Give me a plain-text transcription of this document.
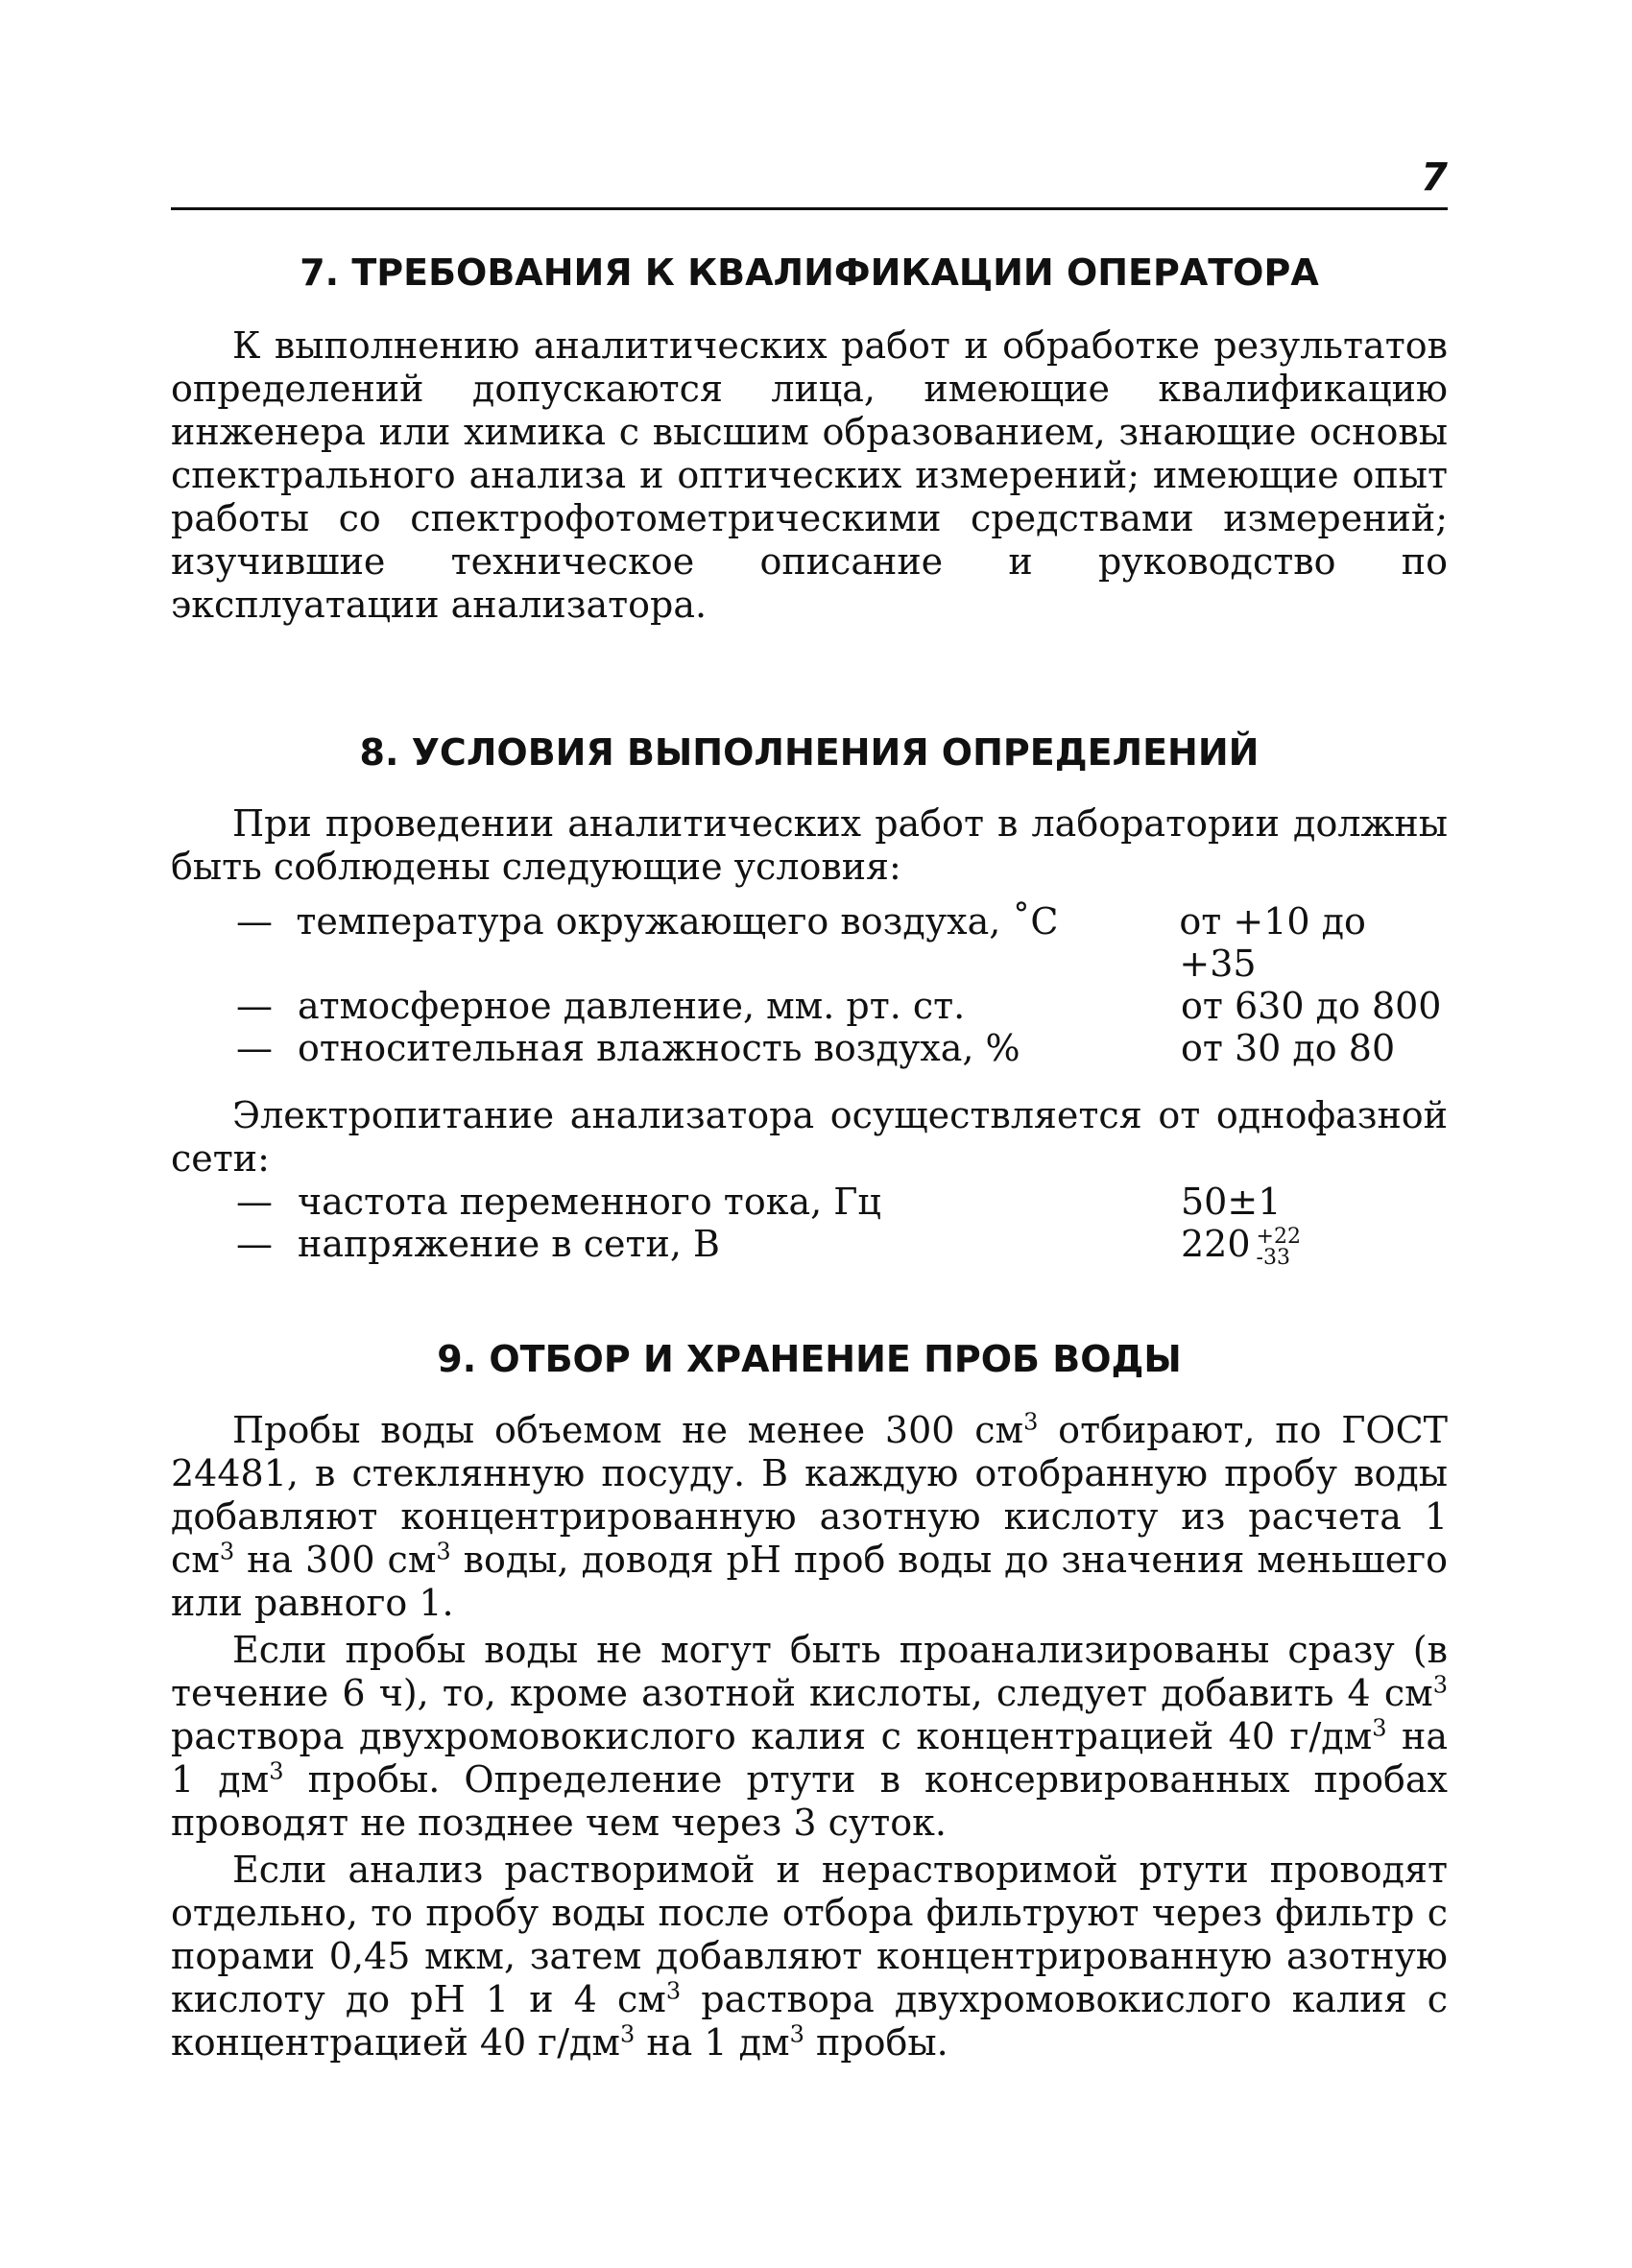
7
7. ТРЕБОВАНИЯ К КВАЛИФИКАЦИИ ОПЕРАТОРА

К выполнению аналитических работ и обработке результатов определений допускаются лица, имеющие квалификацию инженера или химика с высшим образованием, знающие основы спектрального анализа и оптических измерений; имеющие опыт работы со спектрофотометрическими средствами измерений; изучившие техническое описание и руководство по эксплуатации анализатора.

8. УСЛОВИЯ ВЫПОЛНЕНИЯ ОПРЕДЕЛЕНИЙ

При проведении аналитических работ в лаборатории должны быть соблюдены следующие условия:

— температура окружающего воздуха, ˚С	от +10 до +35
— атмосферное давление, мм. рт. ст.	от 630 до 800
— относительная влажность воздуха, %	от 30 до 80

Электропитание анализатора осуществляется от однофазной сети:

— частота переменного тока, Гц	50±1
— напряжение в сети, В	220 +22
-33
9. ОТБОР И ХРАНЕНИЕ ПРОБ ВОДЫ

Пробы воды объемом не менее 300 $см^3$ отбирают, по ГОСТ 24481, в стеклянную посуду. В каждую отобранную пробу воды добавляют концентрированную азотную кислоту из расчета 1 $см^3$ на 300 $см^3$ воды, доводя рН проб воды до значения меньшего или равного 1.

Если пробы воды не могут быть проанализированы сразу (в течение 6 ч), то, кроме азотной кислоты, следует добавить 4 $см^3$ раствора двухромовокислого калия с концентрацией 40 $г/дм^3$ на 1 $дм^3$ пробы. Определение ртути в консервированных пробах проводят не позднее чем через 3 суток.

Если анализ растворимой и нерастворимой ртути проводят отдельно, то пробу воды после отбора фильтруют через фильтр с порами 0,45 мкм, затем добавляют концентрированную азотную кислоту до рН 1 и 4 $см^3$ раствора двухромовокислого калия с концентрацией 40 $г/дм^3$ на 1 $дм^3$ пробы.
